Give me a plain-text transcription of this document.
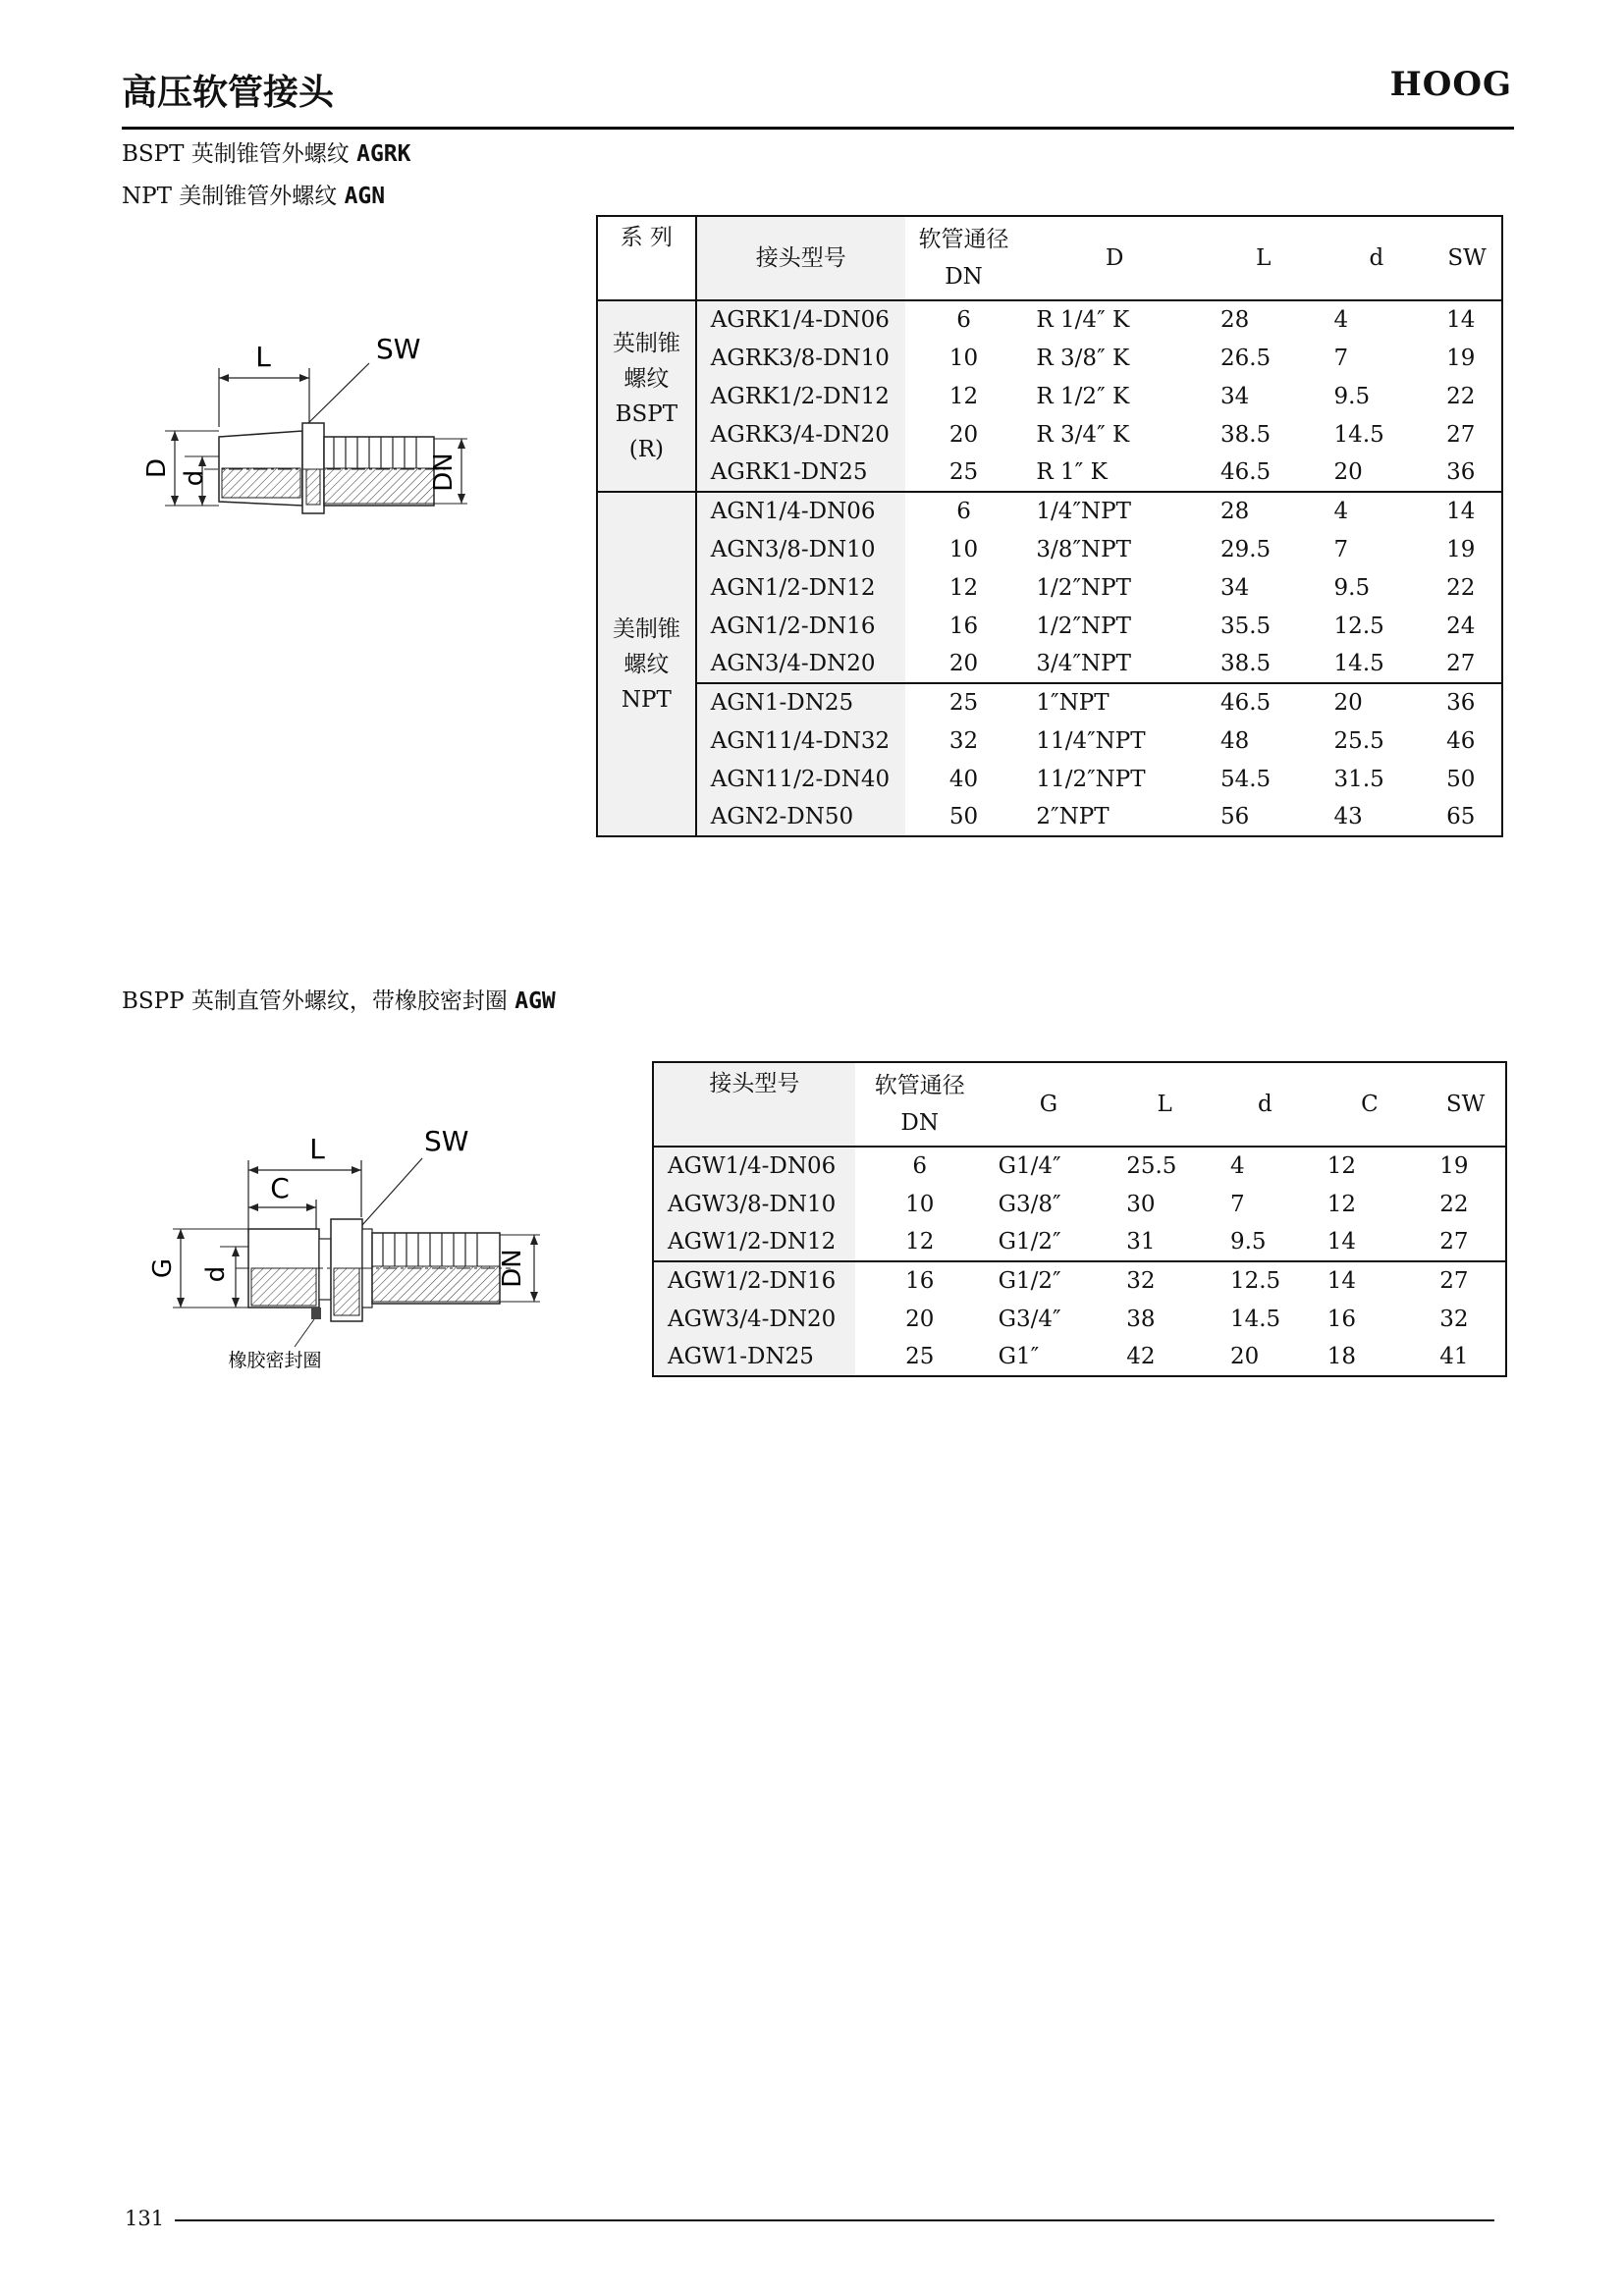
高压软管接头	HOOG
BSPT 英制锥管外螺纹 AGRK
NPT 美制锥管外螺纹 AGN
L	SW
D d	DN
系 列	接头型号	软管通径
DN	D	L	d	SW

英制锥
螺纹
BSPT
(R)	AGRK1/4-DN06	6	R 1/4″ K	28	4	14
	AGRK3/8-DN10	10	R 3/8″ K	26.5	7	19
	AGRK1/2-DN12	12	R 1/2″ K	34	9.5	22
	AGRK3/4-DN20	20	R 3/4″ K	38.5	14.5	27
	AGRK1-DN25	25	R 1″ K	46.5	20	36

美制锥
螺纹
NPT	AGN1/4-DN06	6	1/4″NPT	28	4	14
	AGN3/8-DN10	10	3/8″NPT	29.5	7	19
	AGN1/2-DN12	12	1/2″NPT	34	9.5	22
	AGN1/2-DN16	16	1/2″NPT	35.5	12.5	24
	AGN3/4-DN20	20	3/4″NPT	38.5	14.5	27
	AGN1-DN25	25	1″NPT	46.5	20	36
	AGN11/4-DN32	32	11/4″NPT	48	25.5	46
	AGN11/2-DN40	40	11/2″NPT	54.5	31.5	50
	AGN2-DN50	50	2″NPT	56	43	65
BSPP 英制直管外螺纹，带橡胶密封圈 AGW
L
C
SW
橡胶密封圈
G d	DN
接头型号	软管通径
DN	G	L	d	C	SW
AGW1/4-DN06	6	G1/4″	25.5	4	12	19
AGW3/8-DN10	10	G3/8″	30	7	12	22
AGW1/2-DN12	12	G1/2″	31	9.5	14	27
AGW1/2-DN16	16	G1/2″	32	12.5	14	27
AGW3/4-DN20	20	G3/4″	38	14.5	16	32
AGW1-DN25	25	G1″	42	20	18	41
131
